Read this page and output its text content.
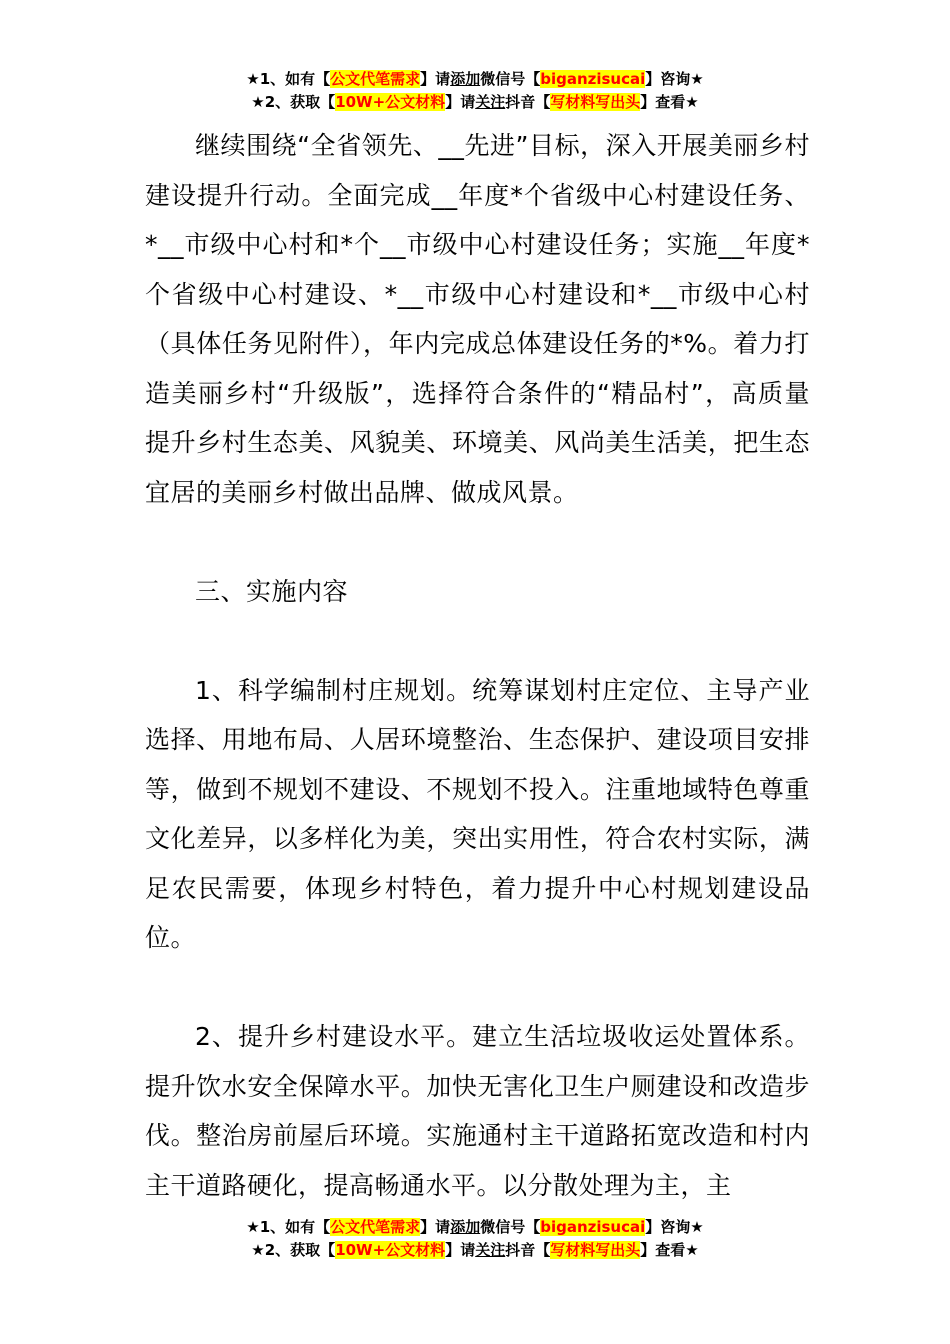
★1、如有【公文代笔需求】请添加微信号【biganzisucai】咨询★
★2、获取【10W+公文材料】请关注抖音【写材料写出头】查看★

继续围绕“全省领先、__先进”目标，深入开展美丽乡村建设提升行动。全面完成__年度*个省级中心村建设任务、*__市级中心村和*个__市级中心村建设任务；实施__年度*个省级中心村建设、*__市级中心村建设和*__市级中心村（具体任务见附件），年内完成总体建设任务的*%。着力打造美丽乡村“升级版”，选择符合条件的“精品村”，高质量提升乡村生态美、风貌美、环境美、风尚美生活美，把生态宜居的美丽乡村做出品牌、做成风景。

三、实施内容

1、科学编制村庄规划。统筹谋划村庄定位、主导产业选择、用地布局、人居环境整治、生态保护、建设项目安排等，做到不规划不建设、不规划不投入。注重地域特色尊重文化差异，以多样化为美，突出实用性，符合农村实际，满足农民需要，体现乡村特色，着力提升中心村规划建设品位。

2、提升乡村建设水平。建立生活垃圾收运处置体系。提升饮水安全保障水平。加快无害化卫生户厕建设和改造步伐。整治房前屋后环境。实施通村主干道路拓宽改造和村内主干道路硬化，提高畅通水平。以分散处理为主，主

★1、如有【公文代笔需求】请添加微信号【biganzisucai】咨询★
★2、获取【10W+公文材料】请关注抖音【写材料写出头】查看★
